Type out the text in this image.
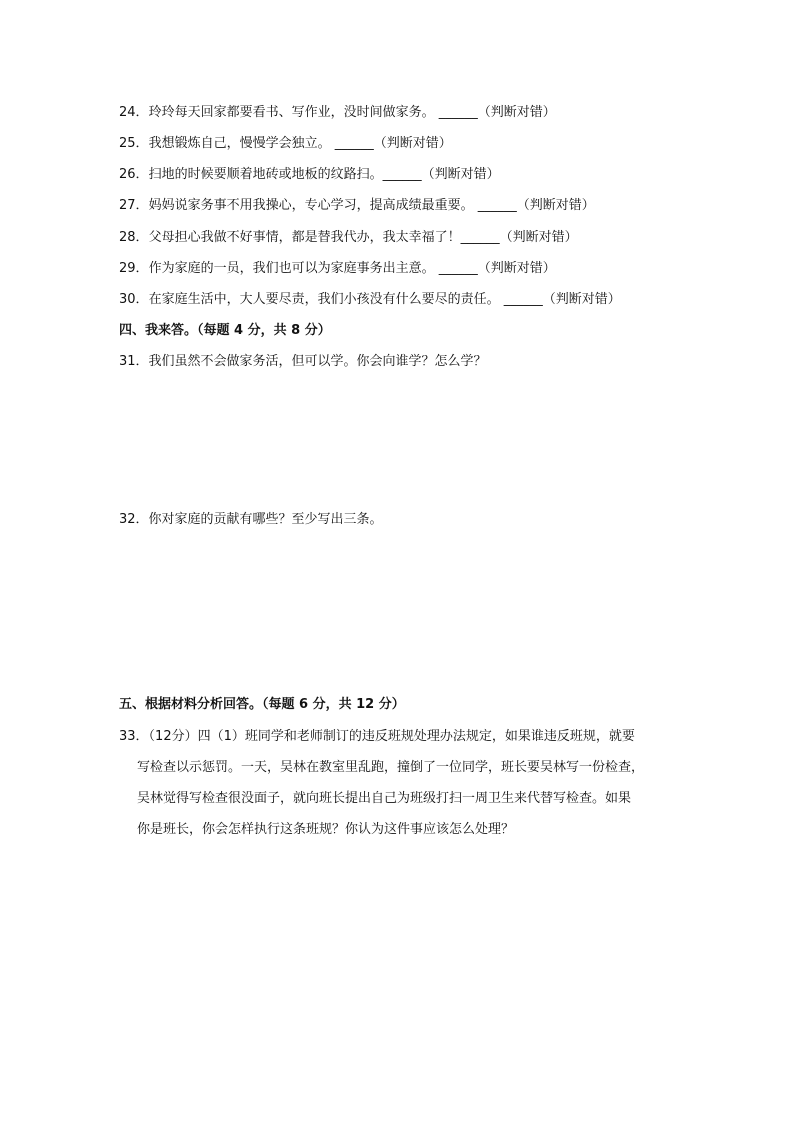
24．玲玲每天回家都要看书、写作业，没时间做家务。 ______（判断对错）
25．我想锻炼自己，慢慢学会独立。 ______（判断对错）
26．扫地的时候要顺着地砖或地板的纹路扫。______（判断对错）
27．妈妈说家务事不用我操心，专心学习，提高成绩最重要。 ______（判断对错）
28．父母担心我做不好事情，都是替我代办，我太幸福了！______（判断对错）
29．作为家庭的一员，我们也可以为家庭事务出主意。 ______（判断对错）
30．在家庭生活中，大人要尽责，我们小孩没有什么要尽的责任。 ______（判断对错）
四、我来答。（每题 4 分，共 8 分）
31．我们虽然不会做家务活，但可以学。你会向谁学？怎么学？
32．你对家庭的贡献有哪些？至少写出三条。
五、根据材料分析回答。（每题 6 分，共 12 分）
33．（12分）四（1）班同学和老师制订的违反班规处理办法规定，如果谁违反班规，就要
写检查以示惩罚。一天，吴林在教室里乱跑，撞倒了一位同学，班长要吴林写一份检查，
吴林觉得写检查很没面子，就向班长提出自己为班级打扫一周卫生来代替写检查。如果
你是班长，你会怎样执行这条班规？你认为这件事应该怎么处理？
